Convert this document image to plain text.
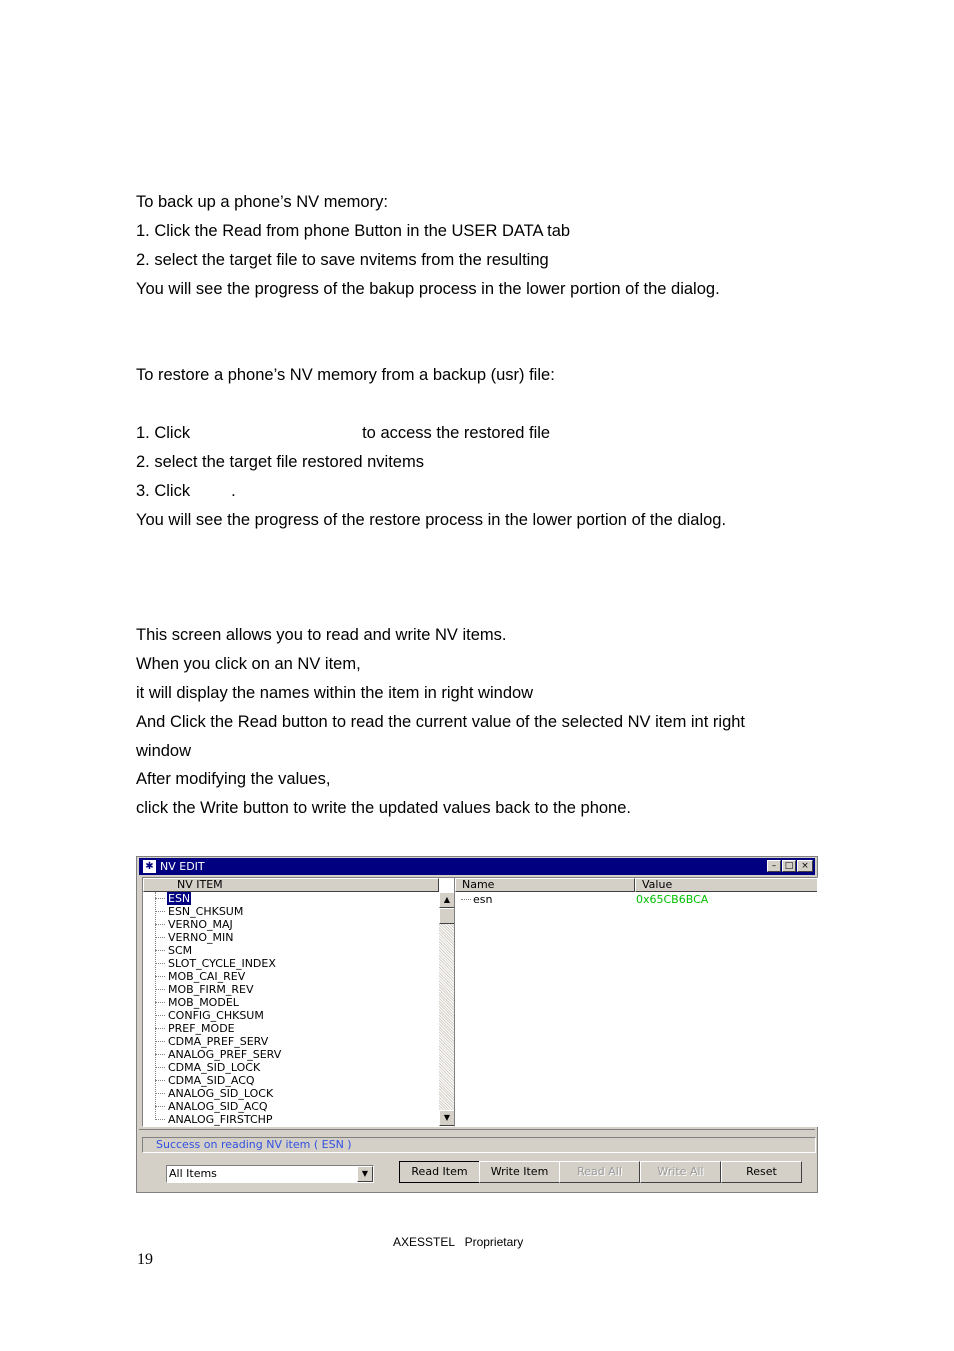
To back up a phone’s NV memory:
1. Click the Read from phone Button in the USER DATA tab
2. select the target file to save nvitems from the resulting
You will see the progress of the bakup process in the lower portion of the dialog.
To restore a phone’s NV memory from a backup (usr) file:
1. Click	to access the restored file
2. select the target file restored nvitems
3. Click .
You will see the progress of the restore process in the lower portion of the dialog.
This screen allows you to read and write NV items.
When you click on an NV item,
it will display the names within the item in right window
And Click the Read button to read the current value of the selected NV item int right
window
After modifying the values,
click the Write button to write the updated values back to the phone.
✱ NV EDIT	– □ ×
NV ITEM
ESN
ESN_CHKSUM
VERNO_MAJ
VERNO_MIN
SCM
SLOT_CYCLE_INDEX
MOB_CAI_REV
MOB_FIRM_REV
MOB_MODEL
CONFIG_CHKSUM
PREF_MODE
CDMA_PREF_SERV
ANALOG_PREF_SERV
CDMA_SID_LOCK
CDMA_SID_ACQ
ANALOG_SID_LOCK
ANALOG_SID_ACQ
ANALOG_FIRSTCHP
▲
▼
Name	Value
esn	0x65CB6BCA
Success on reading NV item ( ESN )
All Items	▼	Read Item	Write Item	Read All	Write All	Reset
AXESSTEL   Proprietary
19
